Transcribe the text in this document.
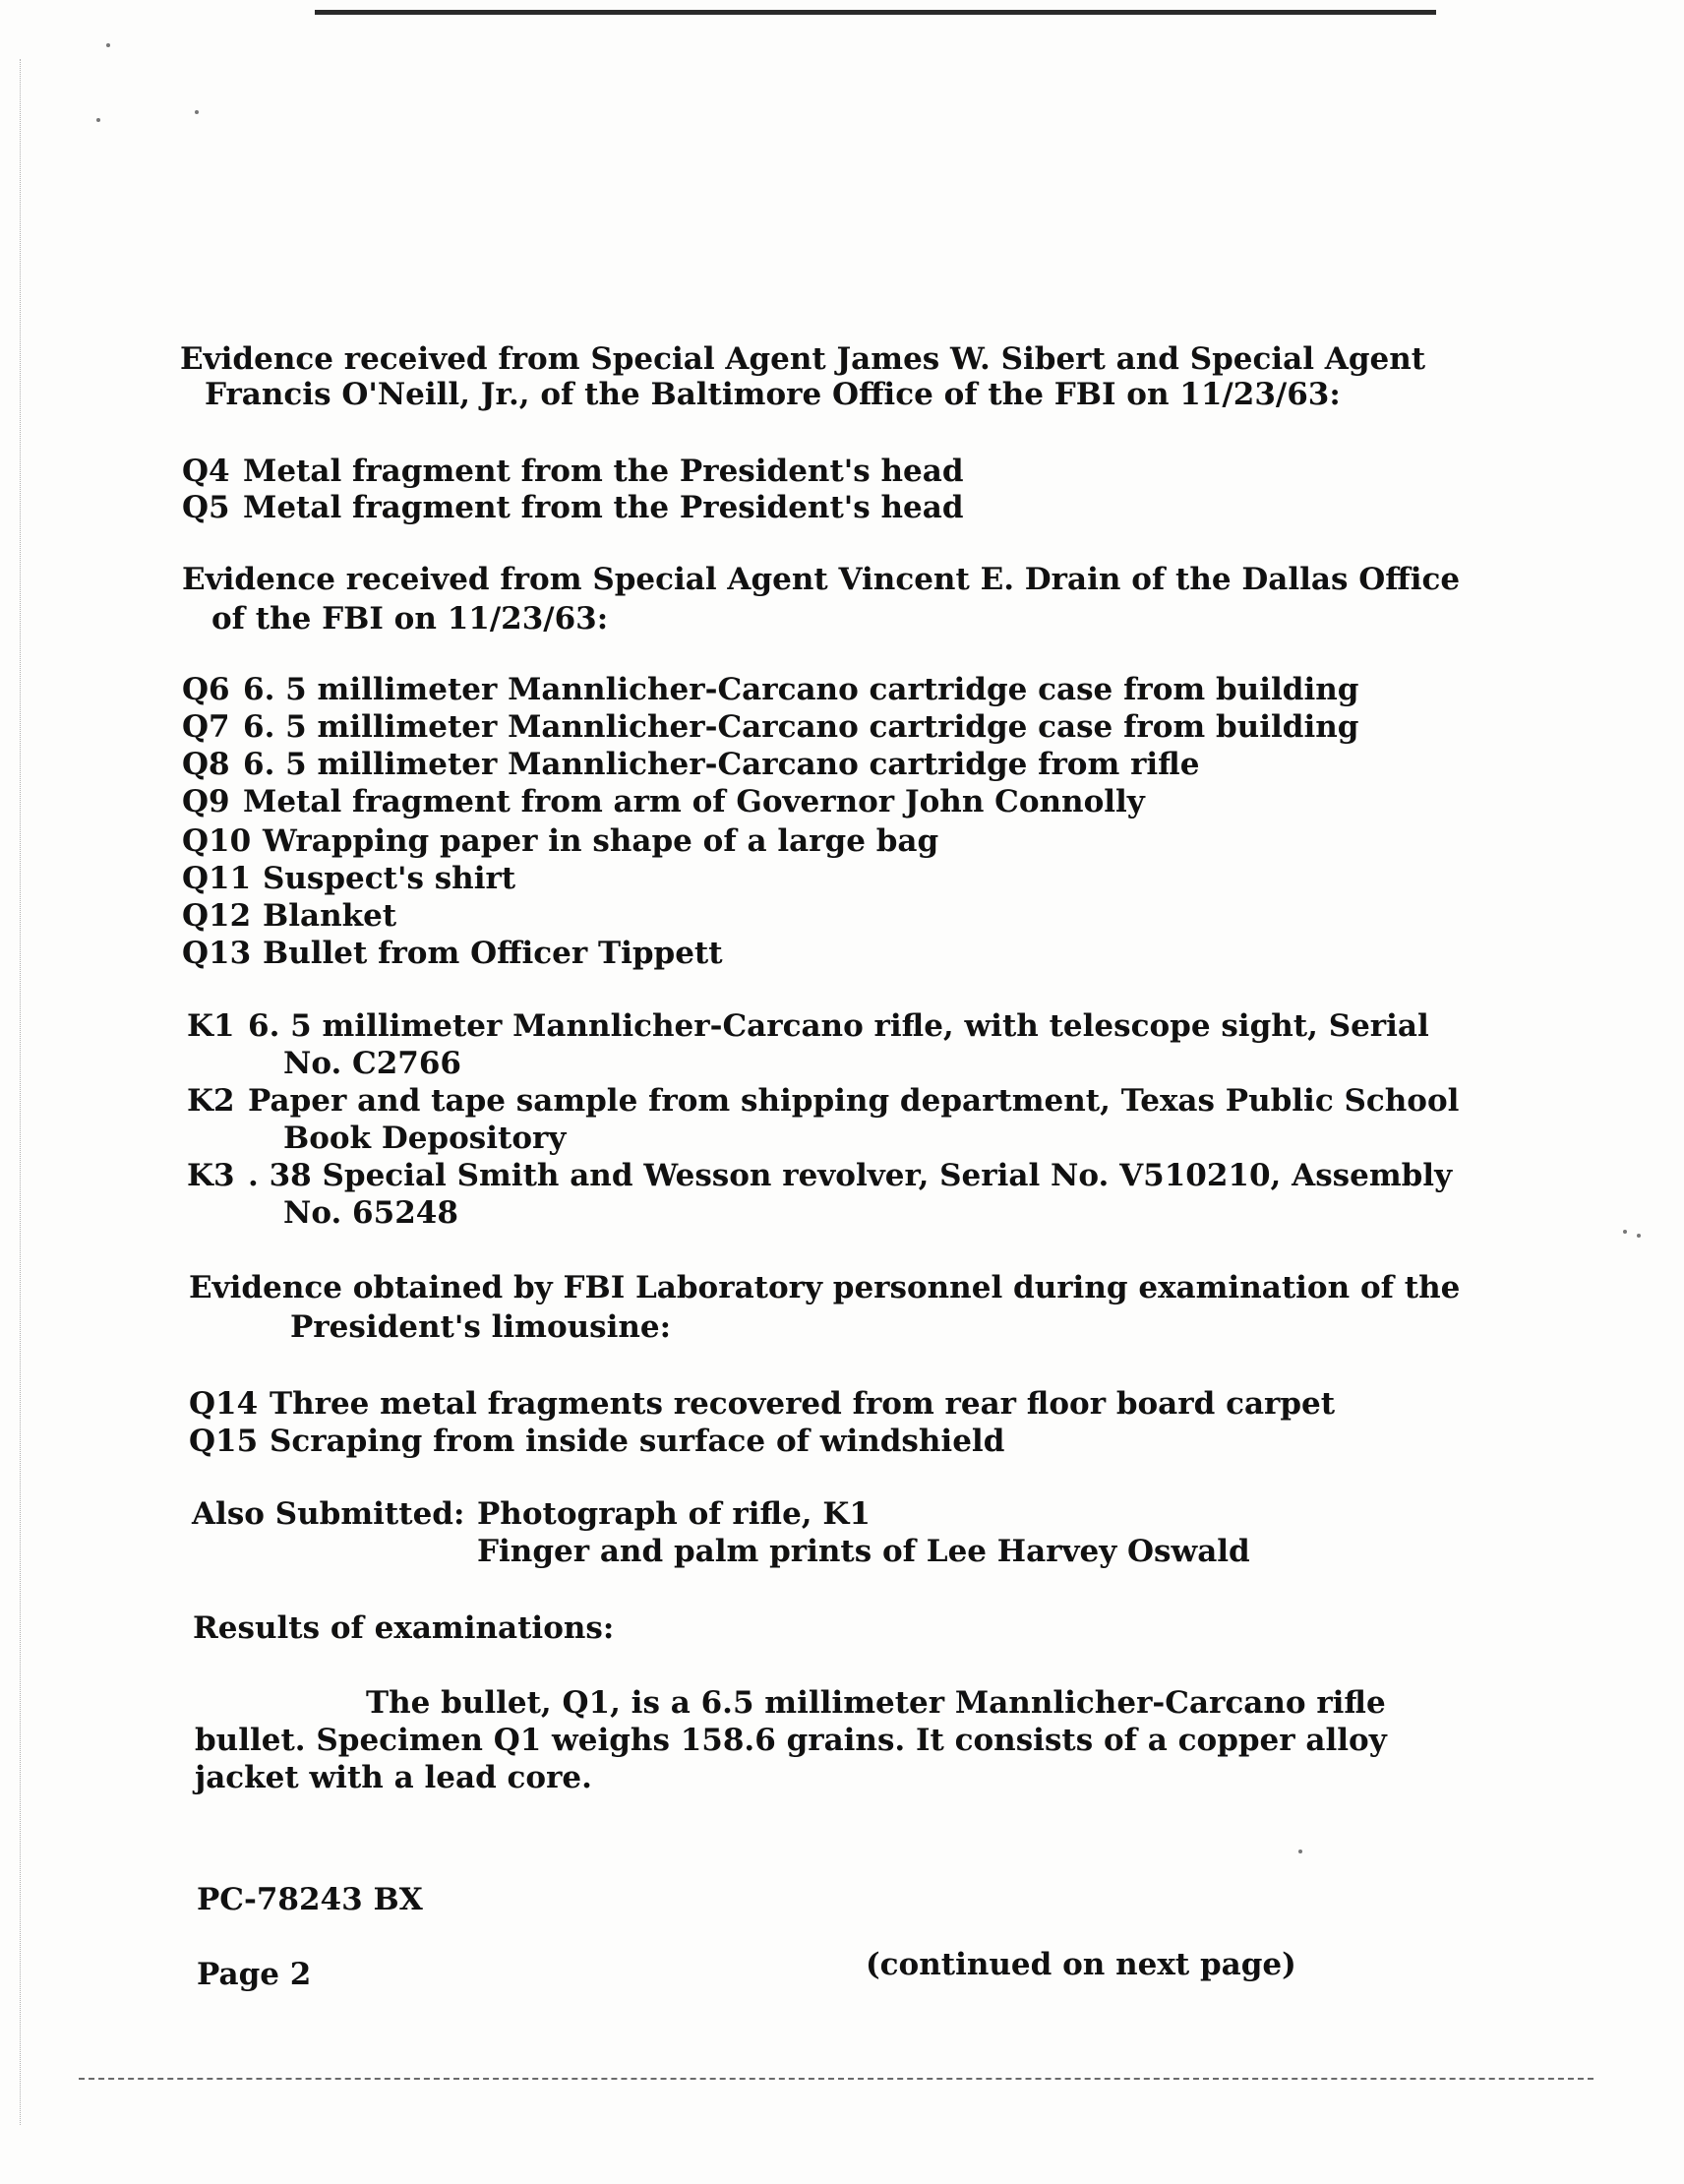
Evidence received from Special Agent James W. Sibert and Special Agent
Francis O'Neill, Jr., of the Baltimore Office of the FBI on 11/23/63:
Q4 Metal fragment from the President's head
Q5 Metal fragment from the President's head
Evidence received from Special Agent Vincent E. Drain of the Dallas Office
of the FBI on 11/23/63:
Q6 6. 5 millimeter Mannlicher-Carcano cartridge case from building
Q7 6. 5 millimeter Mannlicher-Carcano cartridge case from building
Q8 6. 5 millimeter Mannlicher-Carcano cartridge from rifle
Q9 Metal fragment from arm of Governor John Connolly
Q10 Wrapping paper in shape of a large bag
Q11 Suspect's shirt
Q12 Blanket
Q13 Bullet from Officer Tippett
K1 6. 5 millimeter Mannlicher-Carcano rifle, with telescope sight, Serial
No. C2766
K2 Paper and tape sample from shipping department, Texas Public School
Book Depository
K3 . 38 Special Smith and Wesson revolver, Serial No. V510210, Assembly
No. 65248
Evidence obtained by FBI Laboratory personnel during examination of the
President's limousine:
Q14 Three metal fragments recovered from rear floor board carpet
Q15 Scraping from inside surface of windshield
Also Submitted: Photograph of rifle, K1
Finger and palm prints of Lee Harvey Oswald
Results of examinations:
The bullet, Q1, is a 6.5 millimeter Mannlicher-Carcano rifle
bullet. Specimen Q1 weighs 158.6 grains. It consists of a copper alloy
jacket with a lead core.
PC-78243 BX
Page 2	(continued on next page)
